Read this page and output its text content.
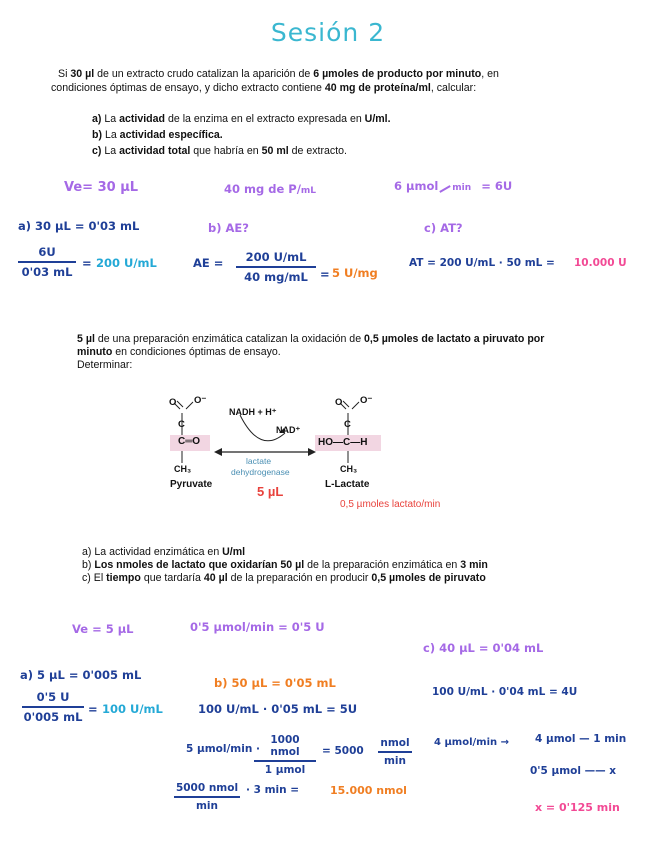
Sesión 2
Si 30 µl de un extracto crudo catalizan la aparición de 6 µmoles de producto por minuto, en
condiciones óptimas de ensayo, y dicho extracto contiene 40 mg de proteína/ml, calcular:
a) La actividad de la enzima en el extracto expresada en U/ml.
b) La actividad específica.
c) La actividad total que habría en 50 ml de extracto.
Ve= 30 µL	40 mg de P/mL	6 µmol min = 6U
a) 30 µL = 0'03 mL	b) AE?	c) AT?
6U
0'03 mL
= 200 U/mL	AE =	200 U/mL
40 mg/mL	= 5 U/mg
AT = 200 U/mL · 50 mL = 10.000 U
5 µl de una preparación enzimática catalizan la oxidación de 0,5 µmoles de lactato a piruvato por
minuto en condiciones óptimas de ensayo.
Determinar:
O O⁻
C
C═O
CH₃
Pyruvate
NADH + H⁺
NAD⁺
lactate
dehydrogenase
5 µL
O O⁻
C
HO—C—H
CH₃
L-Lactate
0,5 µmoles lactato/min
a) La actividad enzimática en U/ml
b) Los nmoles de lactato que oxidarían 50 µl de la preparación enzimática en 3 min
c) El tiempo que tardaría 40 µl de la preparación en producir 0,5 µmoles de piruvato
Ve = 5 µL	0'5 µmol/min = 0'5 U
c) 40 µL = 0'04 mL
a) 5 µL = 0'005 mL
b) 50 µL = 0'05 mL
0'5 U
0'005 mL
= 100 U/mL	100 U/mL · 0'05 mL = 5U
5 µmol/min ·
1000 nmol
1 µmol
= 5000
nmol
min
5000 nmol
min
· 3 min =	15.000 nmol
100 U/mL · 0'04 mL = 4U
4 µmol/min → 4 µmol — 1 min
0'5 µmol —— x
x = 0'125 min
